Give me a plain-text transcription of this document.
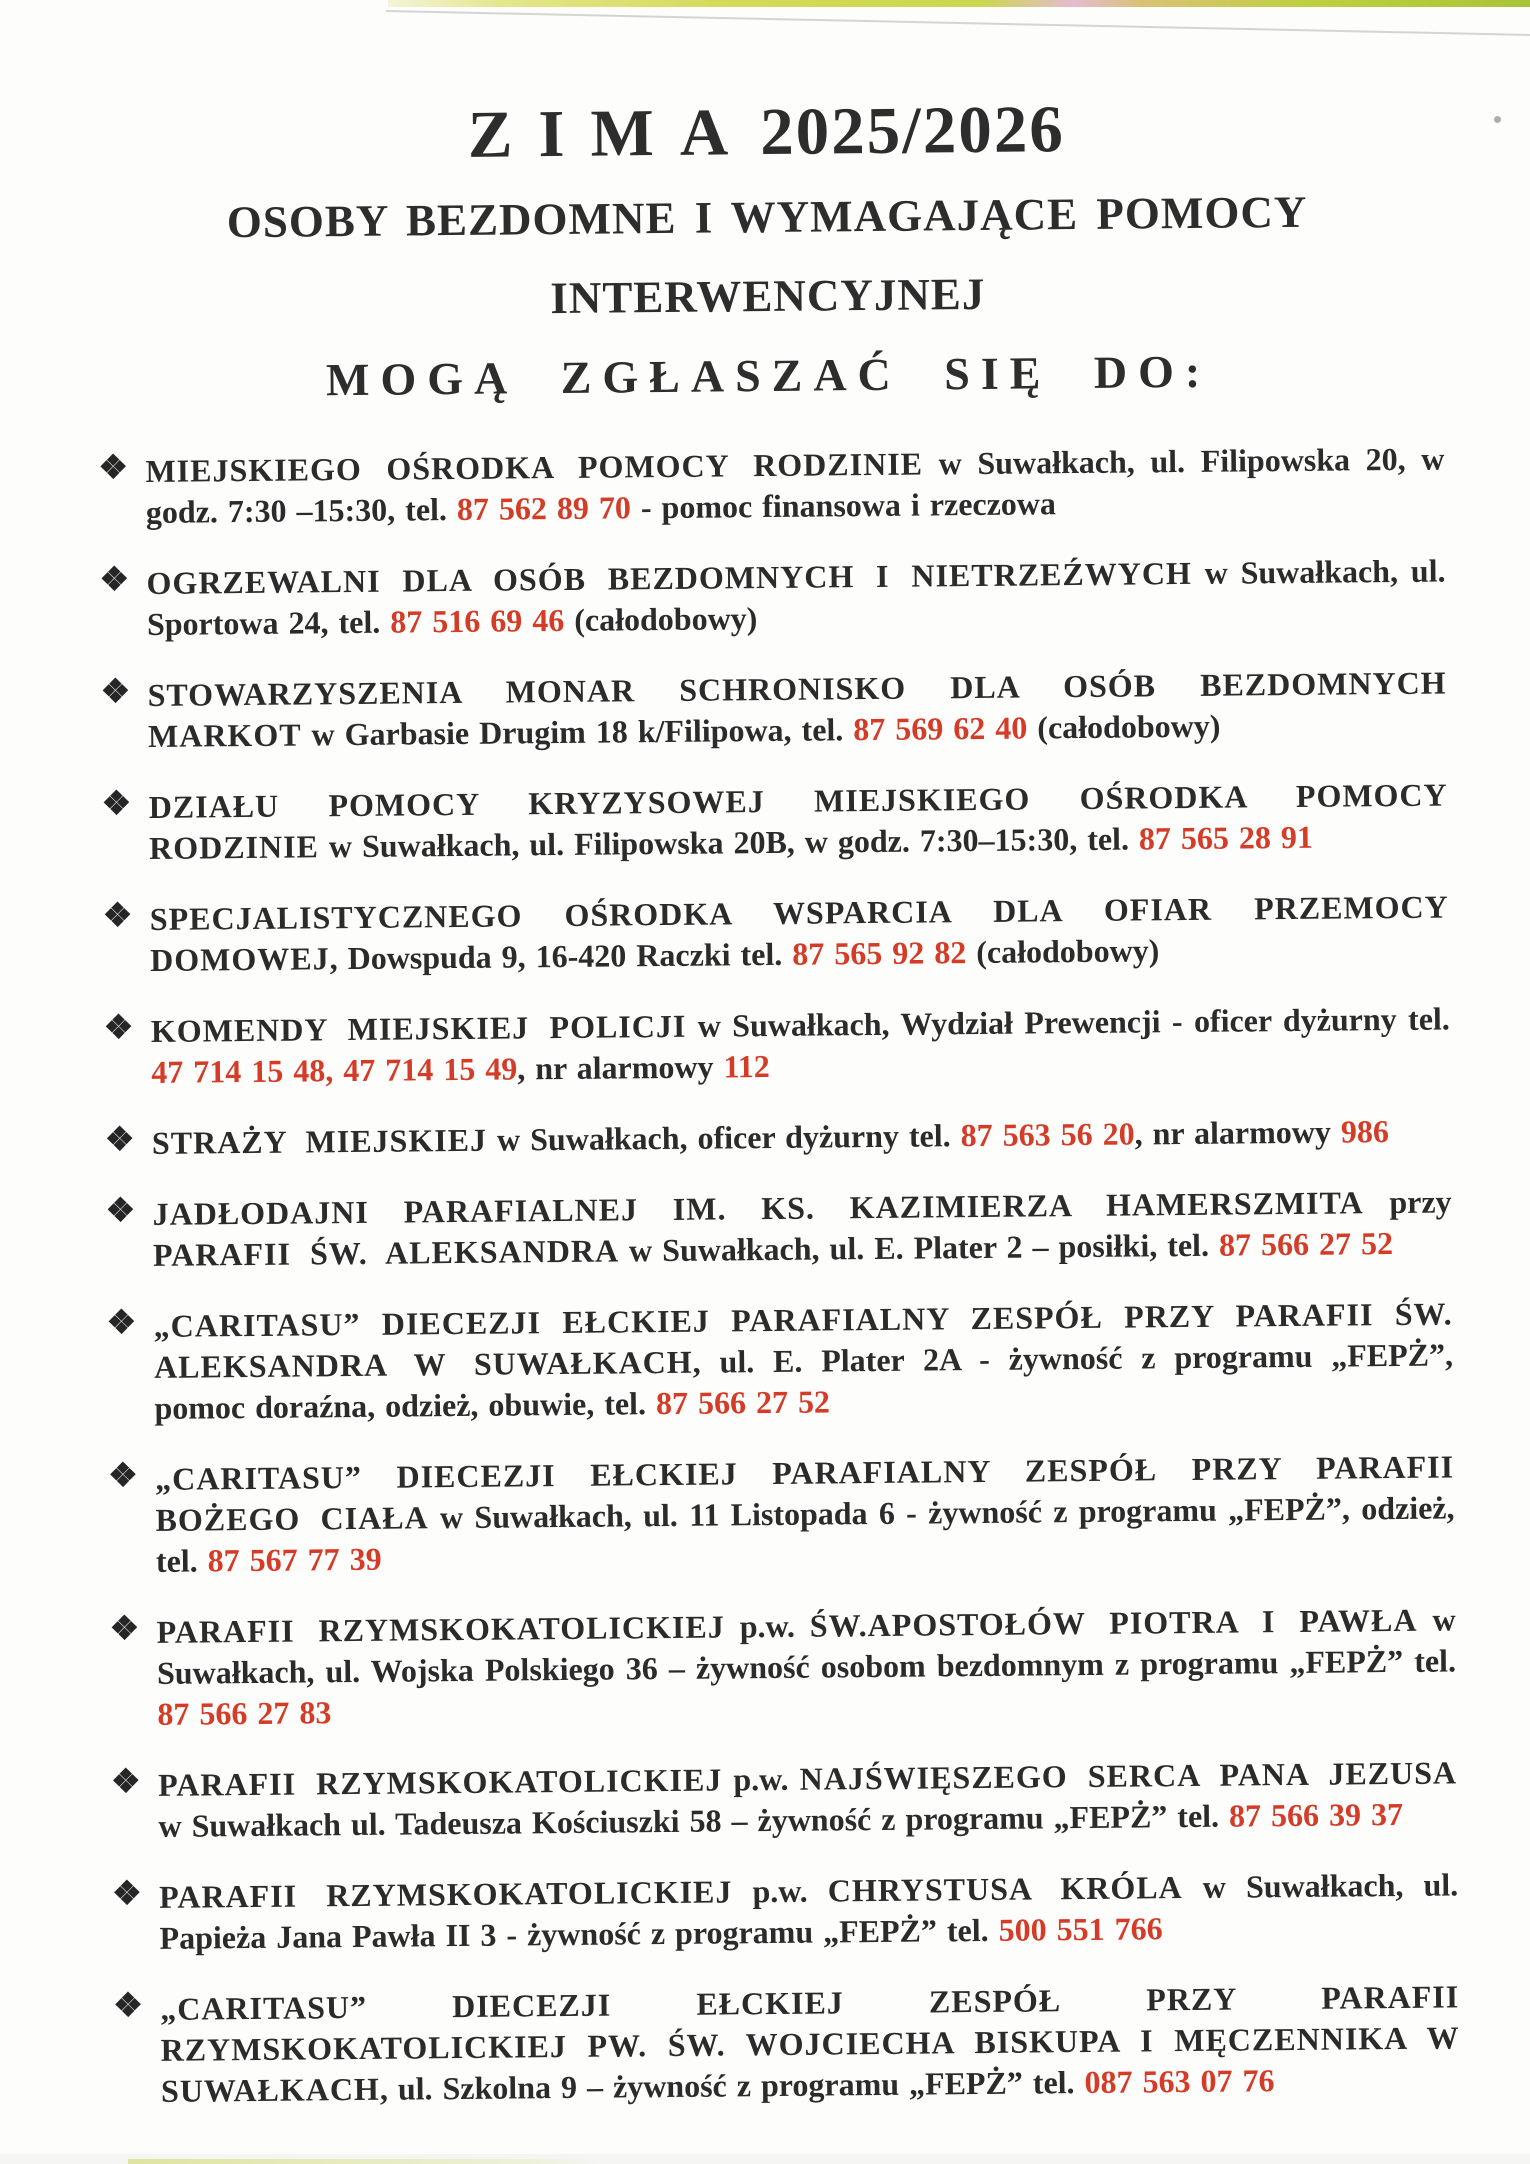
ZIMA2025/2026
OSOBY BEZDOMNE I WYMAGAJĄCE POMOCY
INTERWENCYJNEJ
MOGĄ ZGŁASZAĆ SIĘ DO:
❖ MIEJSKIEGO OŚRODKA POMOCY RODZINIE w Suwałkach, ul. Filipowska 20, w godz. 7:30 –15:30, tel. 87 562 89 70 - pomoc finansowa i rzeczowa
❖ OGRZEWALNI DLA OSÓB BEZDOMNYCH I NIETRZEŹWYCH w Suwałkach, ul. Sportowa 24, tel. 87 516 69 46 (całodobowy)
❖ STOWARZYSZENIA MONAR SCHRONISKO DLA OSÓB BEZDOMNYCH MARKOT w Garbasie Drugim 18 k/Filipowa, tel. 87 569 62 40 (całodobowy)
❖ DZIAŁU POMOCY KRYZYSOWEJ MIEJSKIEGO OŚRODKA POMOCY RODZINIE w Suwałkach, ul. Filipowska 20B, w godz. 7:30–15:30, tel. 87 565 28 91
❖ SPECJALISTYCZNEGO OŚRODKA WSPARCIA DLA OFIAR PRZEMOCY DOMOWEJ, Dowspuda 9, 16-420 Raczki tel. 87 565 92 82 (całodobowy)
❖ KOMENDY MIEJSKIEJ POLICJI w Suwałkach, Wydział Prewencji - oficer dyżurny tel. 47 714 15 48, 47 714 15 49, nr alarmowy 112
❖ STRAŻY MIEJSKIEJ w Suwałkach, oficer dyżurny tel. 87 563 56 20, nr alarmowy 986
❖ JADŁODAJNI PARAFIALNEJ IM. KS. KAZIMIERZA HAMERSZMITA przy PARAFII ŚW. ALEKSANDRA w Suwałkach, ul. E. Plater 2 – posiłki, tel. 87 566 27 52
❖ „CARITASU” DIECEZJI EŁCKIEJ PARAFIALNY ZESPÓŁ PRZY PARAFII ŚW. ALEKSANDRA W SUWAŁKACH, ul. E. Plater 2A - żywność z programu „FEPŻ”, pomoc doraźna, odzież, obuwie, tel. 87 566 27 52
❖ „CARITASU” DIECEZJI EŁCKIEJ PARAFIALNY ZESPÓŁ PRZY PARAFII BOŻEGO CIAŁA w Suwałkach, ul. 11 Listopada 6 - żywność z programu „FEPŻ”, odzież, tel. 87 567 77 39
❖ PARAFII RZYMSKOKATOLICKIEJ p.w. ŚW.APOSTOŁÓW PIOTRA I PAWŁA w Suwałkach, ul. Wojska Polskiego 36 – żywność osobom bezdomnym z programu „FEPŻ” tel. 87 566 27 83
❖ PARAFII RZYMSKOKATOLICKIEJ p.w. NAJŚWIĘSZEGO SERCA PANA JEZUSA w Suwałkach ul. Tadeusza Kościuszki 58 – żywność z programu „FEPŻ” tel. 87 566 39 37
❖ PARAFII RZYMSKOKATOLICKIEJ p.w. CHRYSTUSA KRÓLA w Suwałkach, ul. Papieża Jana Pawła II 3 - żywność z programu „FEPŻ” tel. 500 551 766
❖ „CARITASU” DIECEZJI EŁCKIEJ ZESPÓŁ PRZY PARAFII RZYMSKOKATOLICKIEJ PW. ŚW. WOJCIECHA BISKUPA I MĘCZENNIKA W SUWAŁKACH, ul. Szkolna 9 – żywność z programu „FEPŻ” tel. 087 563 07 76
